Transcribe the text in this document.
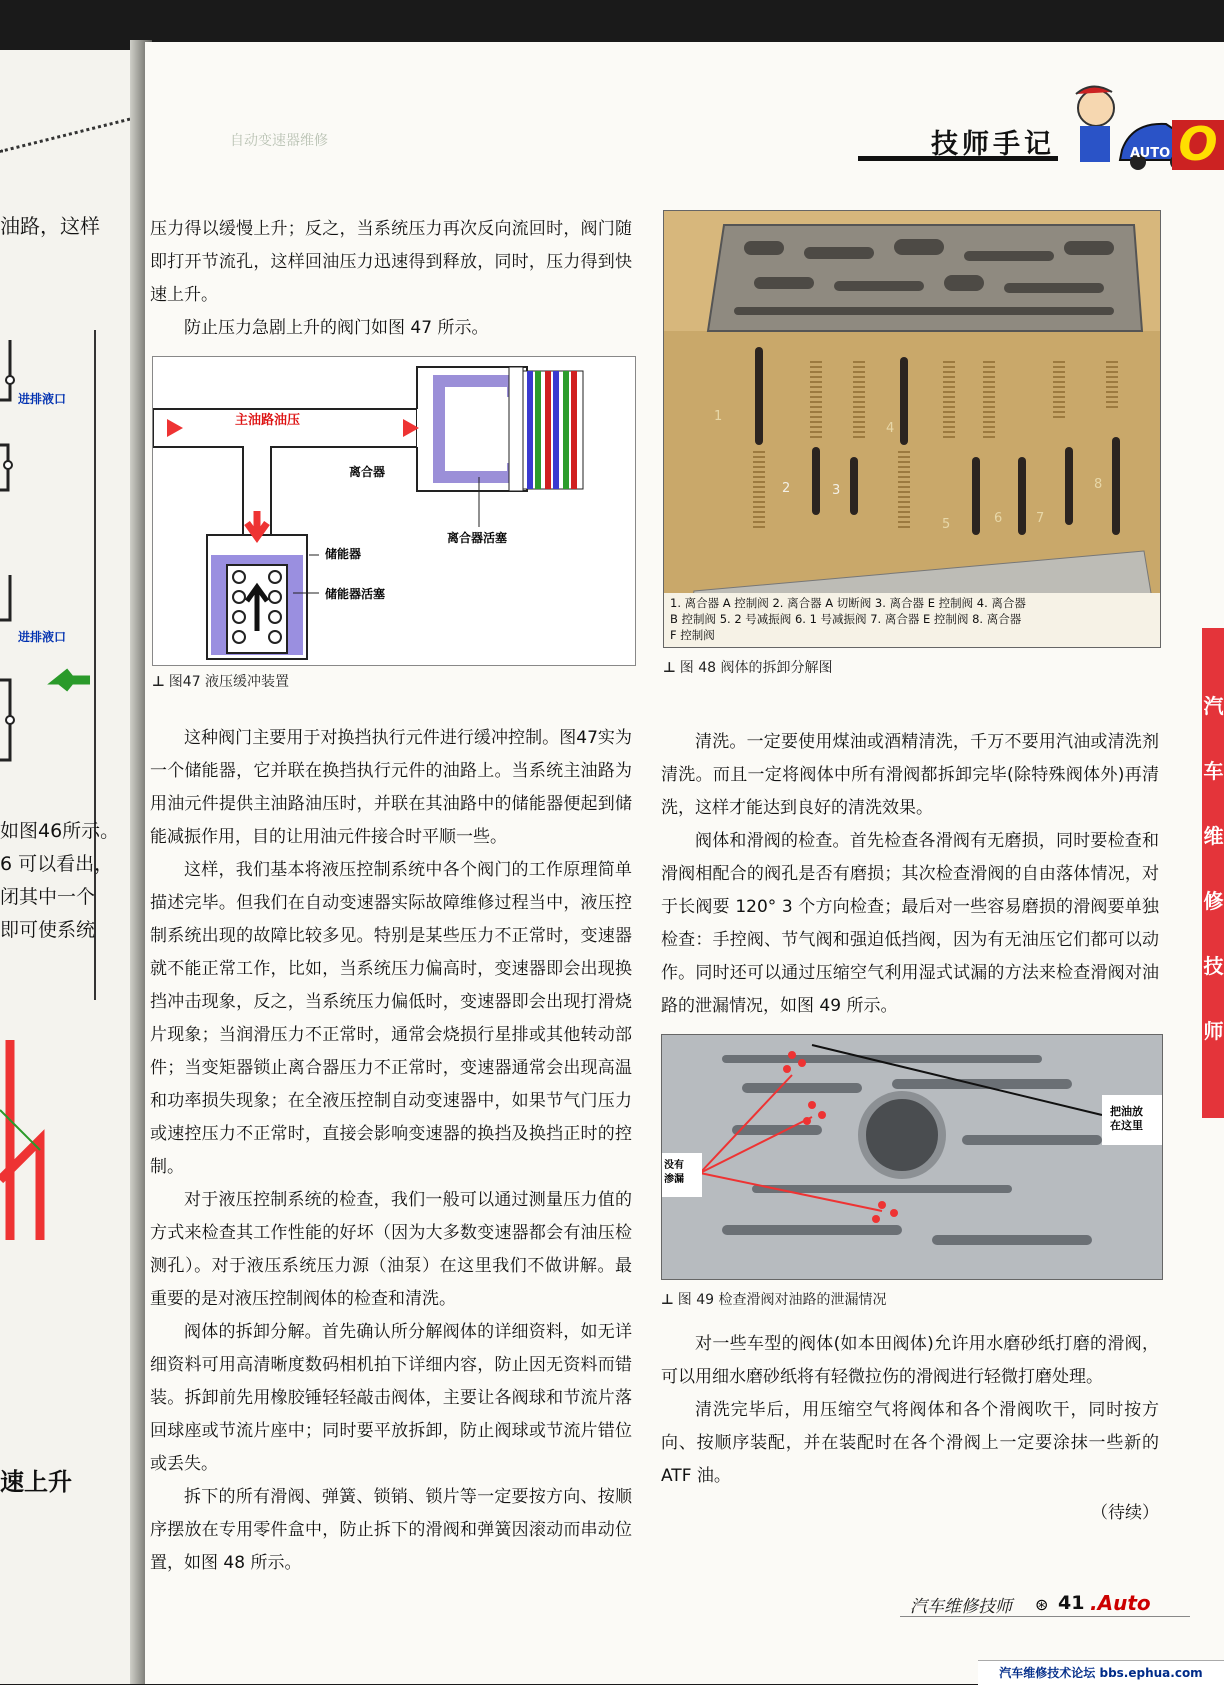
油路，这样
进排液口
进排液口
如图46所示。
6 可以看出，
闭其中一个
即可使系统
速上升
自动变速器维修	技师手记	O
AUTO

压力得以缓慢上升；反之，当系统压力再次反向流回时，阀门随即打开节流孔，这样回油压力迅速得到释放，同时，压力得到快速上升。

防止压力急剧上升的阀门如图 47 所示。

主油路油压
离合器
离合器活塞
储能器
储能器活塞
⊥ 图47 液压缓冲装置

这种阀门主要用于对换挡执行元件进行缓冲控制。图47实为一个储能器，它并联在换挡执行元件的油路上。当系统主油路为用油元件提供主油路油压时，并联在其油路中的储能器便起到储能减振作用，目的让用油元件接合时平顺一些。

这样，我们基本将液压控制系统中各个阀门的工作原理简单描述完毕。但我们在自动变速器实际故障维修过程当中，液压控制系统出现的故障比较多见。特别是某些压力不正常时，变速器就不能正常工作，比如，当系统压力偏高时，变速器即会出现换挡冲击现象，反之，当系统压力偏低时，变速器即会出现打滑烧片现象；当润滑压力不正常时，通常会烧损行星排或其他转动部件；当变矩器锁止离合器压力不正常时，变速器通常会出现高温和功率损失现象；在全液压控制自动变速器中，如果节气门压力或速控压力不正常时，直接会影响变速器的换挡及换挡正时的控制。

对于液压控制系统的检查，我们一般可以通过测量压力值的方式来检查其工作性能的好坏（因为大多数变速器都会有油压检测孔）。对于液压系统压力源（油泵）在这里我们不做讲解。最重要的是对液压控制阀体的检查和清洗。

阀体的拆卸分解。首先确认所分解阀体的详细资料，如无详细资料可用高清晰度数码相机拍下详细内容，防止因无资料而错装。拆卸前先用橡胶锤轻轻敲击阀体，主要让各阀球和节流片落回球座或节流片座中；同时要平放拆卸，防止阀球或节流片错位或丢失。

拆下的所有滑阀、弹簧、锁销、锁片等一定要按方向、按顺序摆放在专用零件盒中，防止拆下的滑阀和弹簧因滚动而串动位置，如图 48 所示。

1
2	3
4
5	6	7
8
1. 离合器 A 控制阀 2. 离合器 A 切断阀 3. 离合器 E 控制阀 4. 离合器
B 控制阀 5. 2 号减振阀 6. 1 号减振阀 7. 离合器 E 控制阀 8. 离合器
F 控制阀
⊥ 图 48 阀体的拆卸分解图

清洗。一定要使用煤油或酒精清洗，千万不要用汽油或清洗剂清洗。而且一定将阀体中所有滑阀都拆卸完毕(除特殊阀体外)再清洗，这样才能达到良好的清洗效果。

阀体和滑阀的检查。首先检查各滑阀有无磨损，同时要检查和滑阀相配合的阀孔是否有磨损；其次检查滑阀的自由落体情况，对于长阀要 120° 3 个方向检查；最后对一些容易磨损的滑阀要单独检查：手控阀、节气阀和强迫低挡阀，因为有无油压它们都可以动作。同时还可以通过压缩空气利用湿式试漏的方法来检查滑阀对油路的泄漏情况，如图 49 所示。

把油放
在这里
没有
渗漏
⊥ 图 49 检查滑阀对油路的泄漏情况

对一些车型的阀体(如本田阀体)允许用水磨砂纸打磨的滑阀，可以用细水磨砂纸将有轻微拉伤的滑阀进行轻微打磨处理。

清洗完毕后，用压缩空气将阀体和各个滑阀吹干，同时按方向、按顺序装配，并在装配时在各个滑阀上一定要涂抹一些新的 ATF 油。

（待续）

汽
车
维
修
技
师
汽车维修技师 ⊛ 41 .Auto
汽车维修技术论坛 bbs.ephua.com
